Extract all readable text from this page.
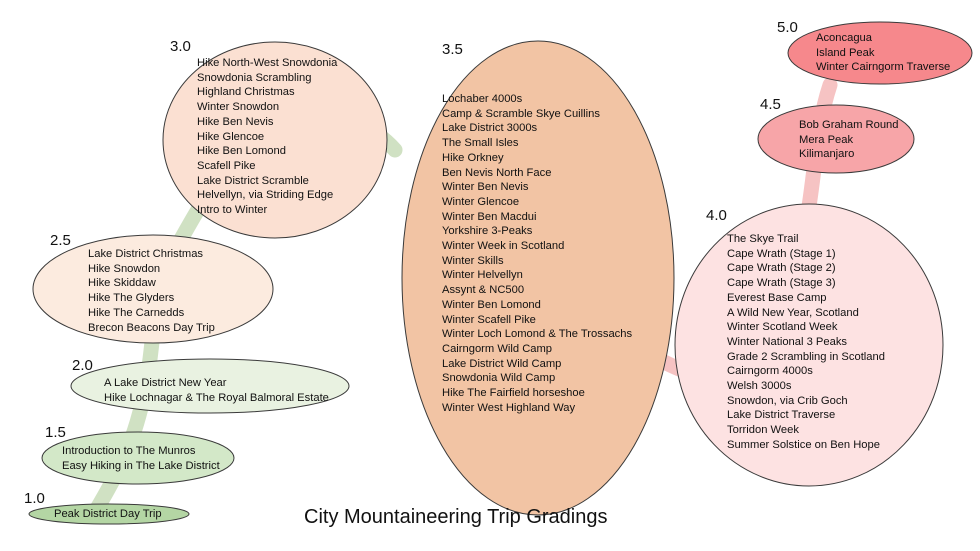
1.0
1.5
2.0
2.5
3.0	3.5
4.0
4.5
5.0
Peak District Day Trip
Introduction to The Munros
Easy Hiking in The Lake District
A Lake District New Year
Hike Lochnagar & The Royal Balmoral Estate
Lake District Christmas
Hike Snowdon
Hike Skiddaw
Hike The Glyders
Hike The Carnedds
Brecon Beacons Day Trip
Hike North-West Snowdonia
Snowdonia Scrambling
Highland Christmas
Winter Snowdon
Hike Ben Nevis
Hike Glencoe
Hike Ben Lomond
Scafell Pike
Lake District Scramble
Helvellyn, via Striding Edge
Intro to Winter
Lochaber 4000s
Camp & Scramble Skye Cuillins
Lake District 3000s
The Small Isles
Hike Orkney
Ben Nevis North Face
Winter Ben Nevis
Winter Glencoe
Winter Ben Macdui
Yorkshire 3-Peaks
Winter Week in Scotland
Winter Skills
Winter Helvellyn
Assynt & NC500
Winter Ben Lomond
Winter Scafell Pike
Winter Loch Lomond & The Trossachs
Cairngorm Wild Camp
Lake District Wild Camp
Snowdonia Wild Camp
Hike The Fairfield horseshoe
Winter West Highland Way
The Skye Trail
Cape Wrath (Stage 1)
Cape Wrath (Stage 2)
Cape Wrath (Stage 3)
Everest Base Camp
A Wild New Year, Scotland
Winter Scotland Week
Winter National 3 Peaks
Grade 2 Scrambling in Scotland
Cairngorm 4000s
Welsh 3000s
Snowdon, via Crib Goch
Lake District Traverse
Torridon Week
Summer Solstice on Ben Hope
Bob Graham Round
Mera Peak
Kilimanjaro
Aconcagua
Island Peak
Winter Cairngorm Traverse
City Mountaineering Trip Gradings
